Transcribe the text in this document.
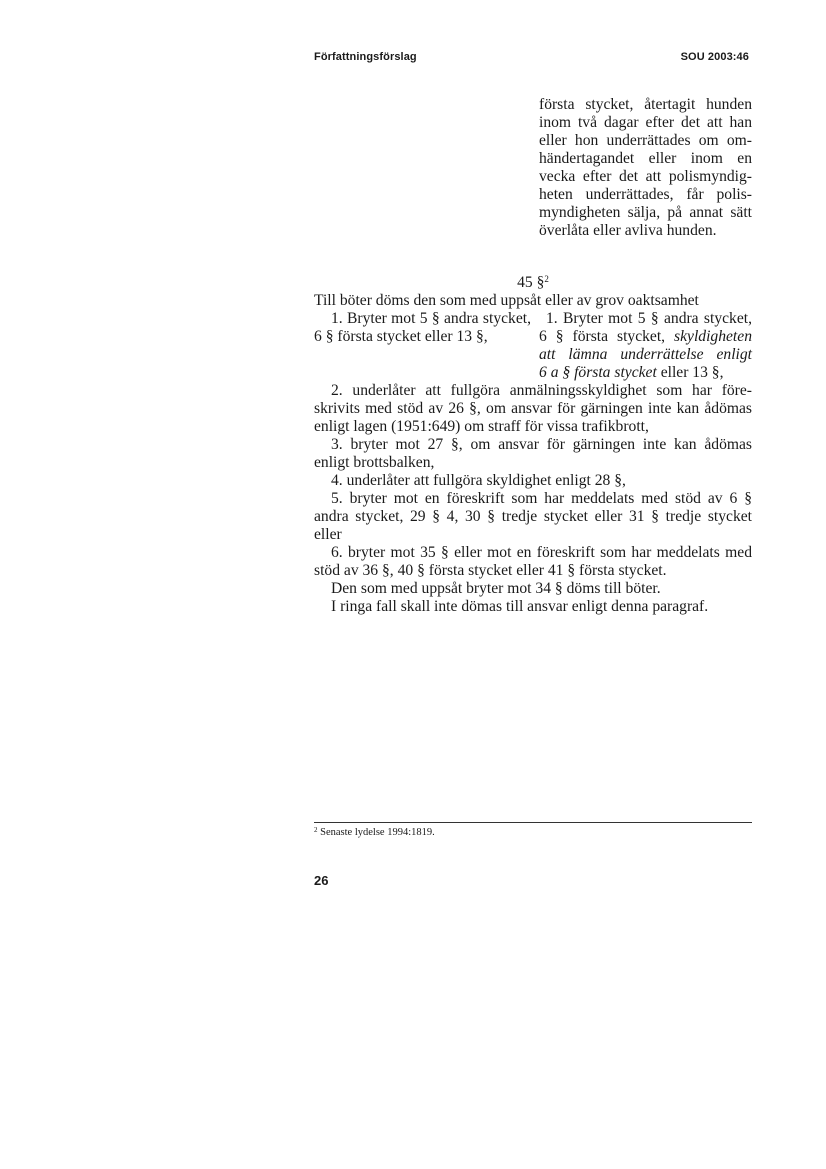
Författningsförslag	SOU 2003:46
första stycket, återtagit hunden
inom två dagar efter det att han
eller hon underrättades om om-
händertagandet eller inom en
vecka efter det att polismyndig-
heten underrättades, får polis-
myndigheten sälja, på annat sätt
överlåta eller avliva hunden.
45 §$^2$
Till böter döms den som med uppsåt eller av grov oaktsamhet
1. Bryter mot 5 § andra stycket,
6 § första stycket eller 13 §,
1. Bryter mot 5 § andra stycket,
6 § första stycket, skyldigheten
att lämna underrättelse enligt
6 a § första stycket eller 13 §,
2. underlåter att fullgöra anmälningsskyldighet som har före-
skrivits med stöd av 26 §, om ansvar för gärningen inte kan ådömas
enligt lagen (1951:649) om straff för vissa trafikbrott,
3. bryter mot 27 §, om ansvar för gärningen inte kan ådömas
enligt brottsbalken,
4. underlåter att fullgöra skyldighet enligt 28 §,
5. bryter mot en föreskrift som har meddelats med stöd av 6 §
andra stycket, 29 § 4, 30 § tredje stycket eller 31 § tredje stycket
eller
6. bryter mot 35 § eller mot en föreskrift som har meddelats med
stöd av 36 §, 40 § första stycket eller 41 § första stycket.
Den som med uppsåt bryter mot 34 § döms till böter.
I ringa fall skall inte dömas till ansvar enligt denna paragraf.
$^2$ Senaste lydelse 1994:1819.
26
